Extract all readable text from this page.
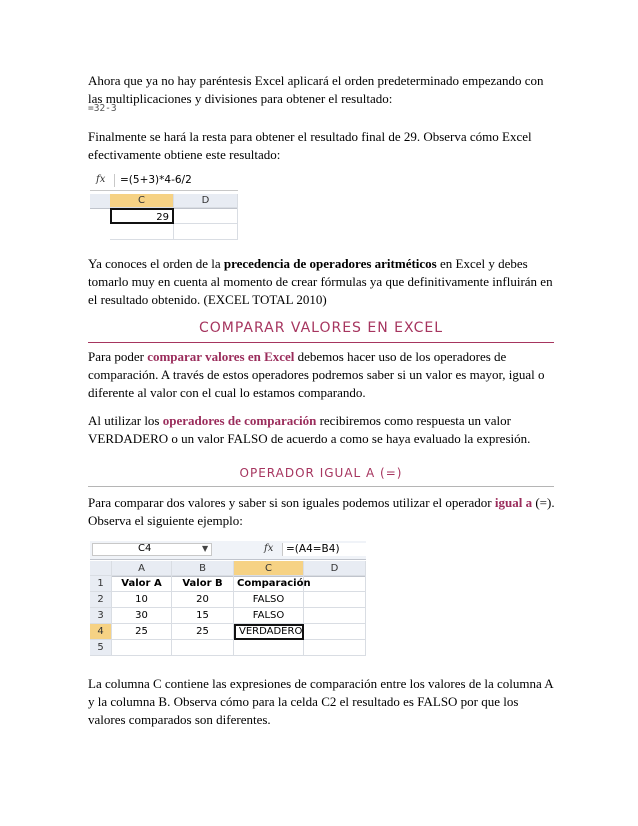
Ahora que ya no hay paréntesis Excel aplicará el orden predeterminado empezando con las multiplicaciones y divisiones para obtener el resultado:
=32-3
Finalmente se hará la resta para obtener el resultado final de 29. Observa cómo Excel efectivamente obtiene este resultado:
fx =(5+3)*4-6/2
C	D
29
Ya conoces el orden de la precedencia de operadores aritméticos en Excel y debes tomarlo muy en cuenta al momento de crear fórmulas ya que definitivamente influirán en el resultado obtenido. (EXCEL TOTAL 2010)
COMPARAR VALORES EN EXCEL
Para poder comparar valores en Excel debemos hacer uso de los operadores de comparación. A través de estos operadores podremos saber si un valor es mayor, igual o diferente al valor con el cual lo estamos comparando.
Al utilizar los operadores de comparación recibiremos como respuesta un valor VERDADERO o un valor FALSO de acuerdo a como se haya evaluado la expresión.
OPERADOR IGUAL A (=)
Para comparar dos valores y saber si son iguales podemos utilizar el operador igual a (=). Observa el siguiente ejemplo:
C4	▼	fx =(A4=B4)
A	B	C	D
1	Valor A	Valor B	Comparación
2	10	20	FALSO
3	30	15	FALSO
4	25	25	VERDADERO
5
La columna C contiene las expresiones de comparación entre los valores de la columna A y la columna B. Observa cómo para la celda C2 el resultado es FALSO por que los valores comparados son diferentes.
